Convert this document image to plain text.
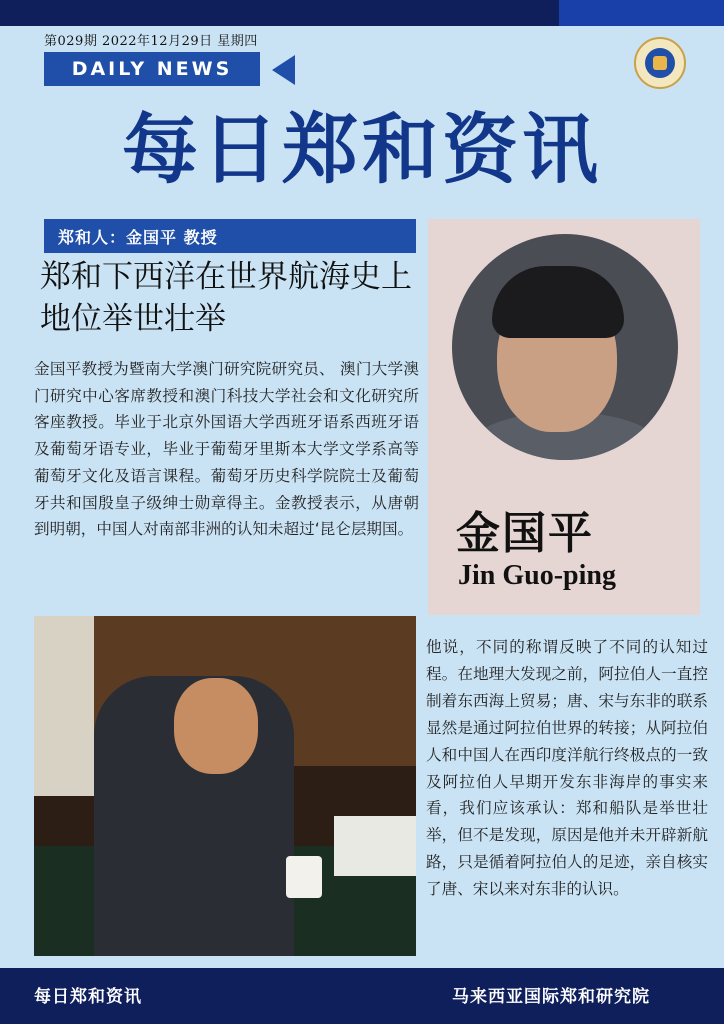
第029期 2022年12月29日 星期四
DAILY NEWS
每日郑和资讯
郑和人：金国平 教授
郑和下西洋在世界航海史上地位举世壮举
金国平教授为暨南大学澳门研究院研究员、 澳门大学澳门研究中心客席教授和澳门科技大学社会和文化研究所客座教授。毕业于北京外国语大学西班牙语系西班牙语及葡萄牙语专业，毕业于葡萄牙里斯本大学文学系高等葡萄牙文化及语言课程。葡萄牙历史科学院院士及葡萄牙共和国殷皇子级绅士勋章得主。金教授表示，从唐朝到明朝，中国人对南部非洲的认知未超过‘昆仑层期国。 金国平
Jin Guo-ping
他说，不同的称谓反映了不同的认知过程。在地理大发现之前，阿拉伯人一直控制着东西海上贸易；唐、宋与东非的联系显然是通过阿拉伯世界的转接；从阿拉伯人和中国人在西印度洋航行终极点的一致及阿拉伯人早期开发东非海岸的事实来看，我们应该承认：郑和船队是举世壮举，但不是发现，原因是他并未开辟新航路，只是循着阿拉伯人的足迹，亲自核实了唐、宋以来对东非的认识。
每日郑和资讯	马来西亚国际郑和研究院
